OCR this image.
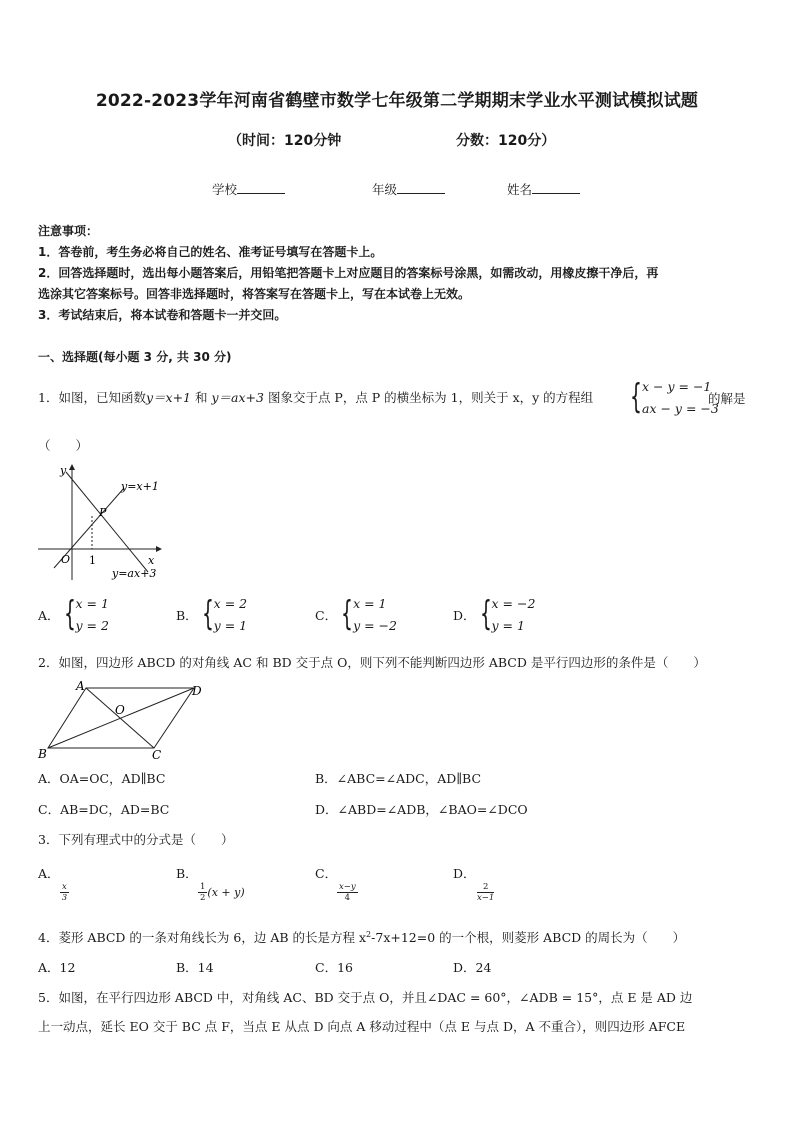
2022-2023学年河南省鹤壁市数学七年级第二学期期末学业水平测试模拟试题
（时间：120分钟	分数：120分）
学校	年级	姓名
注意事项：
1．答卷前，考生务必将自己的姓名、准考证号填写在答题卡上。
2．回答选择题时，选出每小题答案后，用铅笔把答题卡上对应题目的答案标号涂黑，如需改动，用橡皮擦干净后，再
选涂其它答案标号。回答非选择题时，将答案写在答题卡上，写在本试卷上无效。
3．考试结束后，将本试卷和答题卡一并交回。
一、选择题(每小题 3 分, 共 30 分)
1．如图，已知函数y＝x+1 和 y＝ax+3 图象交于点 P，点 P 的横坐标为 1，则关于 x，y 的方程组	{ x − y = −1
ax − y = −3
的解是
（　　）
y
x
O 1
P
y=x+1
y=ax+3
A． { x = 1
y = 2
B． { x = 2
y = 1
C． { x = 1
y = −2
D． { x = −2
y = 1
2．如图，四边形 ABCD 的对角线 AC 和 BD 交于点 O，则下列不能判断四边形 ABCD 是平行四边形的条件是（　　）
A	D
B	C
O
A．OA=OC，AD∥BC	B．∠ABC=∠ADC，AD∥BC
C．AB=DC，AD=BC	D．∠ABD=∠ADB，∠BAO=∠DCO
3．下列有理式中的分式是（　　）
A．
$\frac{x}{3}$
B．
$\frac{1}{2} (x + y)$
C．
$\frac{x-y}{4}$
D．
$\frac{2}{x-1}$
4．菱形 ABCD 的一条对角线长为 6，边 AB 的长是方程 $x^2-7x+12=0$ 的一个根，则菱形 ABCD 的周长为（　　）
A．12	B．14	C．16	D．24
5．如图，在平行四边形 ABCD 中，对角线 AC、BD 交于点 O，并且∠DAC = 60°，∠ADB = 15°，点 E 是 AD 边
上一动点，延长 EO 交于 BC 点 F，当点 E 从点 D 向点 A 移动过程中（点 E 与点 D，A 不重合），则四边形 AFCE
